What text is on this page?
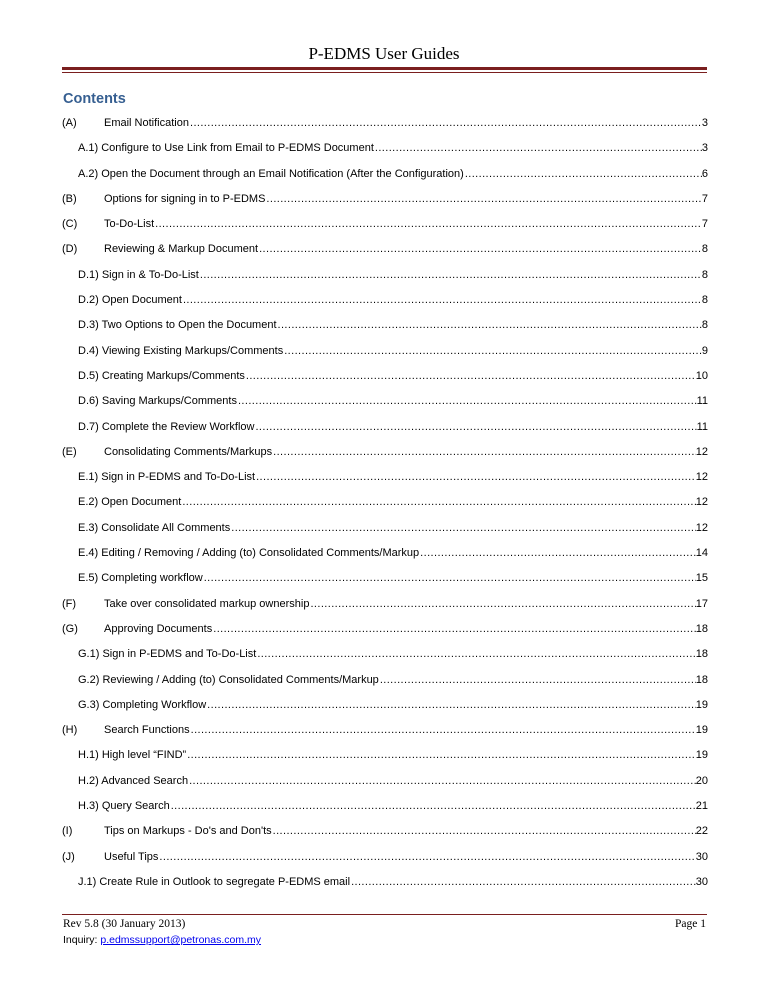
P-EDMS User Guides
Contents
(A)	Email Notification .....	3
A.1) Configure to Use Link from Email to P-EDMS Document .....	3
A.2) Open the Document through an Email Notification (After the Configuration) .....	6
(B)	Options for signing in to P-EDMS .....	7
(C)	To-Do-List .....	7
(D)	Reviewing & Markup Document .....	8
D.1) Sign in & To-Do-List .....	8
D.2) Open Document .....	8
D.3) Two Options to Open the Document .....	8
D.4) Viewing Existing Markups/Comments .....	9
D.5) Creating Markups/Comments .....	10
D.6) Saving Markups/Comments .....	11
D.7) Complete the Review Workflow .....	11
(E)	Consolidating Comments/Markups .....	12
E.1) Sign in P-EDMS and To-Do-List .....	12
E.2) Open Document .....	12
E.3) Consolidate All Comments .....	12
E.4) Editing / Removing / Adding (to) Consolidated Comments/Markup .....	14
E.5) Completing workflow .....	15
(F)	Take over consolidated markup ownership .....	17
(G)	Approving Documents .....	18
G.1) Sign in P-EDMS and To-Do-List .....	18
G.2) Reviewing / Adding (to) Consolidated Comments/Markup .....	18
G.3) Completing Workflow .....	19
(H)	Search Functions .....	19
H.1) High level “FIND” .....	19
H.2) Advanced Search .....	20
H.3) Query Search .....	21
(I)	Tips on Markups - Do's and Don'ts .....	22
(J)	Useful Tips .....	30
J.1) Create Rule in Outlook to segregate P-EDMS email .....	30
Rev 5.8 (30 January 2013)	Page 1
Inquiry: p.edmssupport@petronas.com.my
